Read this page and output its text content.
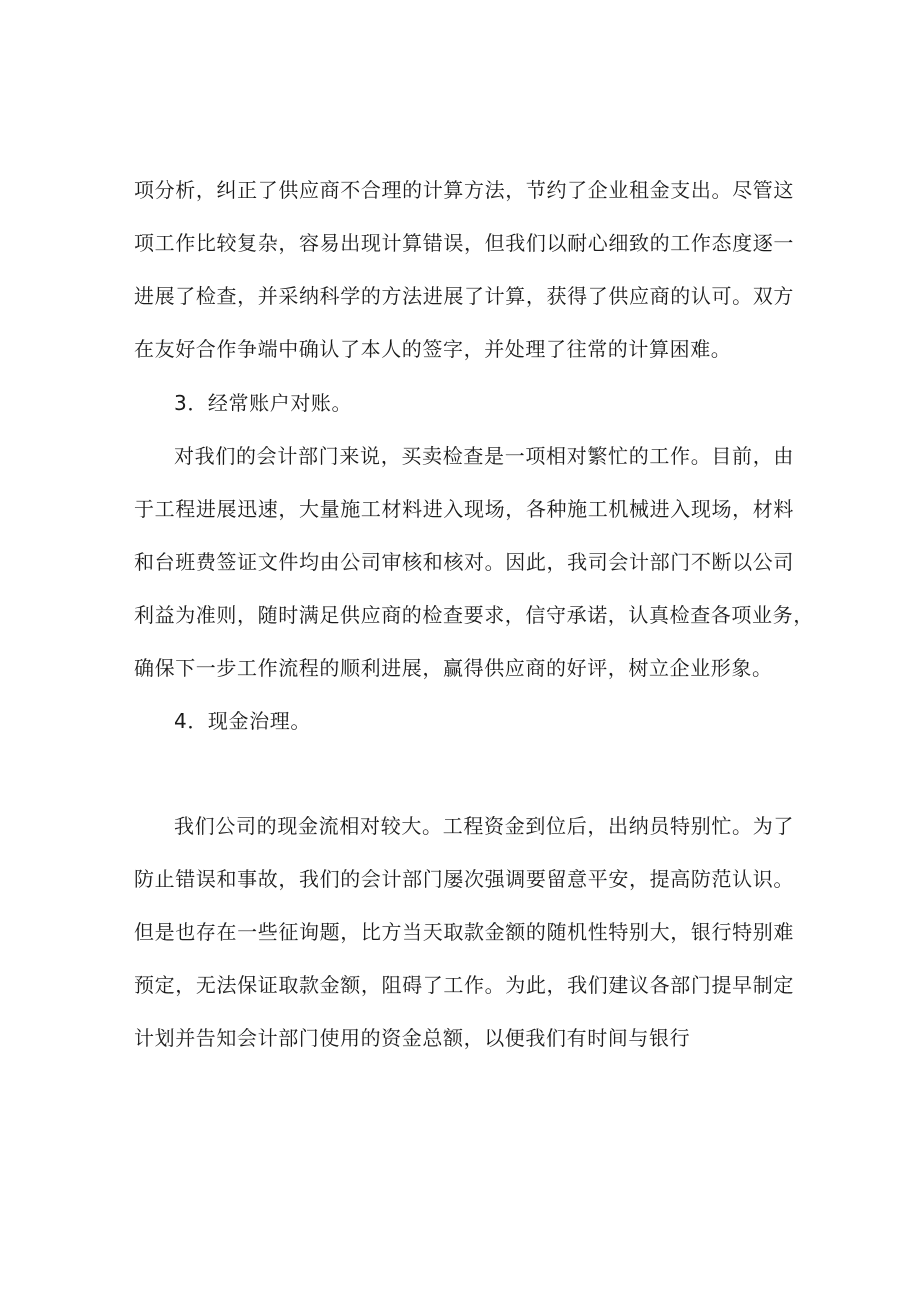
项分析，纠正了供应商不合理的计算方法，节约了企业租金支出。尽管这
项工作比较复杂，容易出现计算错误，但我们以耐心细致的工作态度逐一
进展了检查，并采纳科学的方法进展了计算，获得了供应商的认可。双方
在友好合作争端中确认了本人的签字，并处理了往常的计算困难。
3．经常账户对账。
对我们的会计部门来说，买卖检查是一项相对繁忙的工作。目前，由
于工程进展迅速，大量施工材料进入现场，各种施工机械进入现场，材料
和台班费签证文件均由公司审核和核对。因此，我司会计部门不断以公司
利益为准则，随时满足供应商的检查要求，信守承诺，认真检查各项业务，
确保下一步工作流程的顺利进展，赢得供应商的好评，树立企业形象。
4．现金治理。
我们公司的现金流相对较大。工程资金到位后，出纳员特别忙。为了
防止错误和事故，我们的会计部门屡次强调要留意平安，提高防范认识。
但是也存在一些征询题，比方当天取款金额的随机性特别大，银行特别难
预定，无法保证取款金额，阻碍了工作。为此，我们建议各部门提早制定
计划并告知会计部门使用的资金总额，以便我们有时间与银行
